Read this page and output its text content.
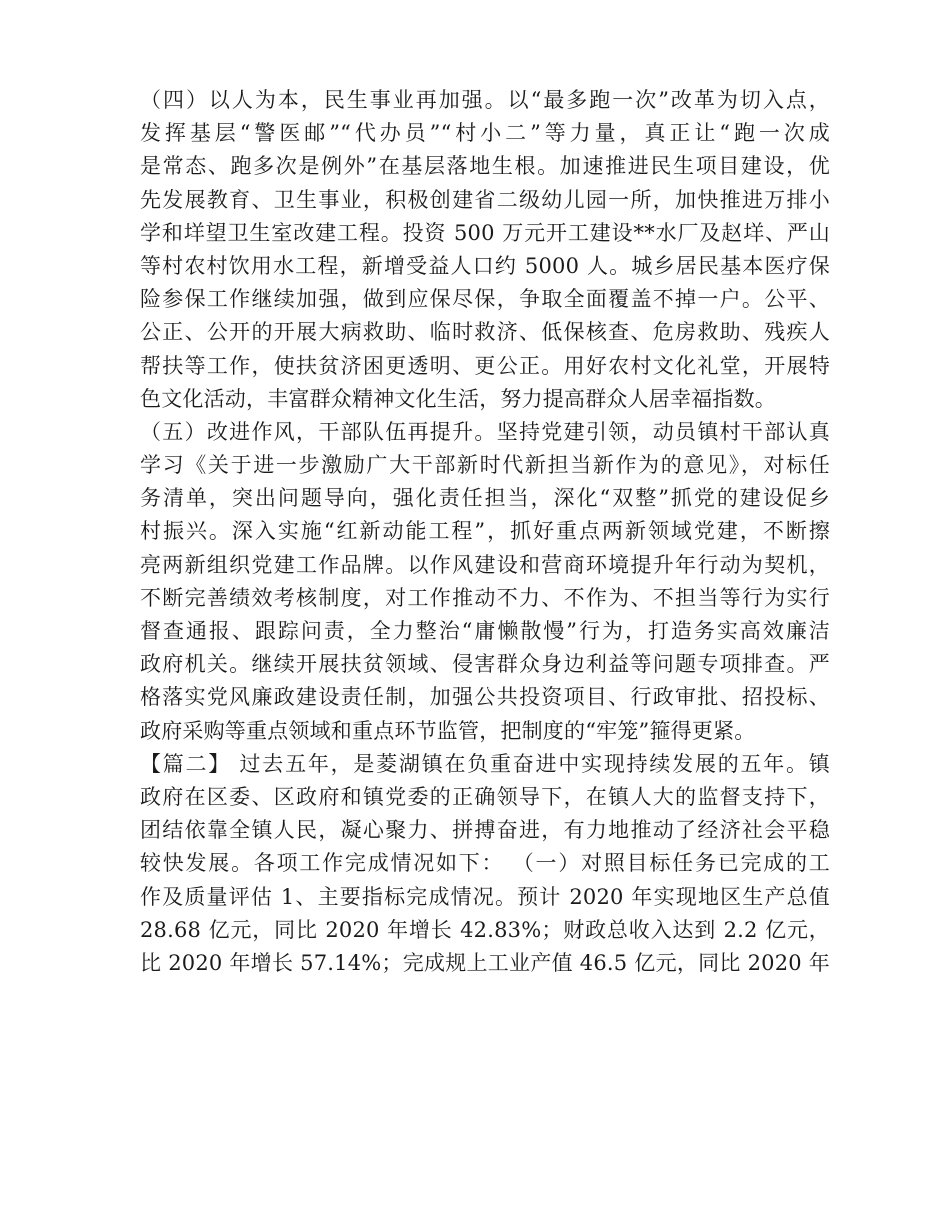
（四）以人为本，民生事业再加强。以“最多跑一次”改革为切入点，
发挥基层“警医邮”“代办员”“村小二”等力量，真正让“跑一次成
是常态、跑多次是例外”在基层落地生根。加速推进民生项目建设，优
先发展教育、卫生事业，积极创建省二级幼儿园一所，加快推进万排小
学和垟望卫生室改建工程。投资 500 万元开工建设**水厂及赵垟、严山
等村农村饮用水工程，新增受益人口约 5000 人。城乡居民基本医疗保
险参保工作继续加强，做到应保尽保，争取全面覆盖不掉一户。公平、
公正、公开的开展大病救助、临时救济、低保核查、危房救助、残疾人
帮扶等工作，使扶贫济困更透明、更公正。用好农村文化礼堂，开展特
色文化活动，丰富群众精神文化生活，努力提高群众人居幸福指数。
（五）改进作风，干部队伍再提升。坚持党建引领，动员镇村干部认真
学习《关于进一步激励广大干部新时代新担当新作为的意见》，对标任
务清单，突出问题导向，强化责任担当，深化“双整”抓党的建设促乡
村振兴。深入实施“红新动能工程”，抓好重点两新领域党建，不断擦
亮两新组织党建工作品牌。以作风建设和营商环境提升年行动为契机，
不断完善绩效考核制度，对工作推动不力、不作为、不担当等行为实行
督查通报、跟踪问责，全力整治“庸懒散慢”行为，打造务实高效廉洁
政府机关。继续开展扶贫领域、侵害群众身边利益等问题专项排查。严
格落实党风廉政建设责任制，加强公共投资项目、行政审批、招投标、
政府采购等重点领域和重点环节监管，把制度的“牢笼”箍得更紧。
【篇二】 过去五年，是菱湖镇在负重奋进中实现持续发展的五年。镇
政府在区委、区政府和镇党委的正确领导下，在镇人大的监督支持下，
团结依靠全镇人民，凝心聚力、拼搏奋进，有力地推动了经济社会平稳
较快发展。各项工作完成情况如下： （一）对照目标任务已完成的工
作及质量评估 1、主要指标完成情况。预计 2020 年实现地区生产总值
28.68 亿元，同比 2020 年增长 42.83%；财政总收入达到 2.2 亿元，
比 2020 年增长 57.14%；完成规上工业产值 46.5 亿元，同比 2020 年
